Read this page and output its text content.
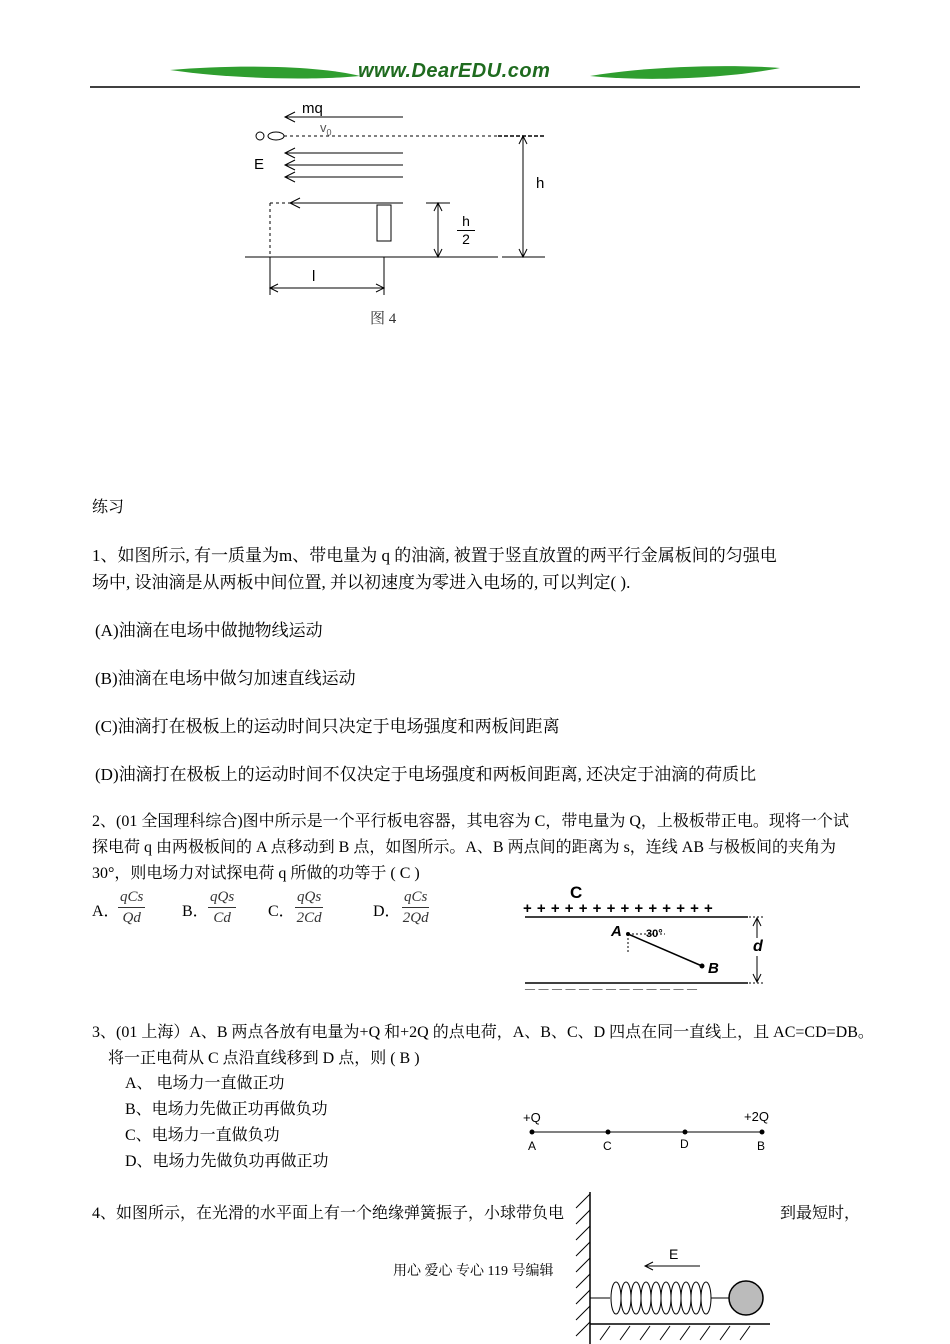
www.DearEDU.com
mq
$v_0$
E
h
$\frac{h}{2}$
l
图 4
练习
1、如图所示, 有一质量为m、带电量为 q 的油滴, 被置于竖直放置的两平行金属板间的匀强电
场中, 设油滴是从两板中间位置, 并以初速度为零进入电场的, 可以判定( ).
(A)油滴在电场中做抛物线运动
(B)油滴在电场中做匀加速直线运动
(C)油滴打在极板上的运动时间只决定于电场强度和两板间距离
(D)油滴打在极板上的运动时间不仅决定于电场强度和两板间距离, 还决定于油滴的荷质比
2、(01 全国理科综合)图中所示是一个平行板电容器，其电容为 C，带电量为 Q，上极板带正电。现将一个试
探电荷 q 由两极板间的 A 点移动到 B 点，如图所示。A、B 两点间的距离为 s，连线 AB 与极板间的夹角为
30°，则电场力对试探电荷 q 所做的功等于 ( C )
A．
qCs
Qd	B．
qQs
Cd	C．
qQs
2Cd	D．
qCs
2Qd
C
+ + + + + + + + + + + + + +
A 30°
B
d
— — — — — — — — — — — — —
3、(01 上海）A、B 两点各放有电量为+Q 和+2Q 的点电荷，A、B、C、D 四点在同一直线上，且 AC=CD=DB。
将一正电荷从 C 点沿直线移到 D 点，则 ( B )
A、 电场力一直做正功
B、电场力先做正功再做负功
C、电场力一直做负功
D、电场力先做负功再做正功
+Q	+2Q
A	C	D	B
4、如图所示，在光滑的水平面上有一个绝缘弹簧振子，小球带负电	到最短时，
E
用心 爱心 专心 119 号编辑
